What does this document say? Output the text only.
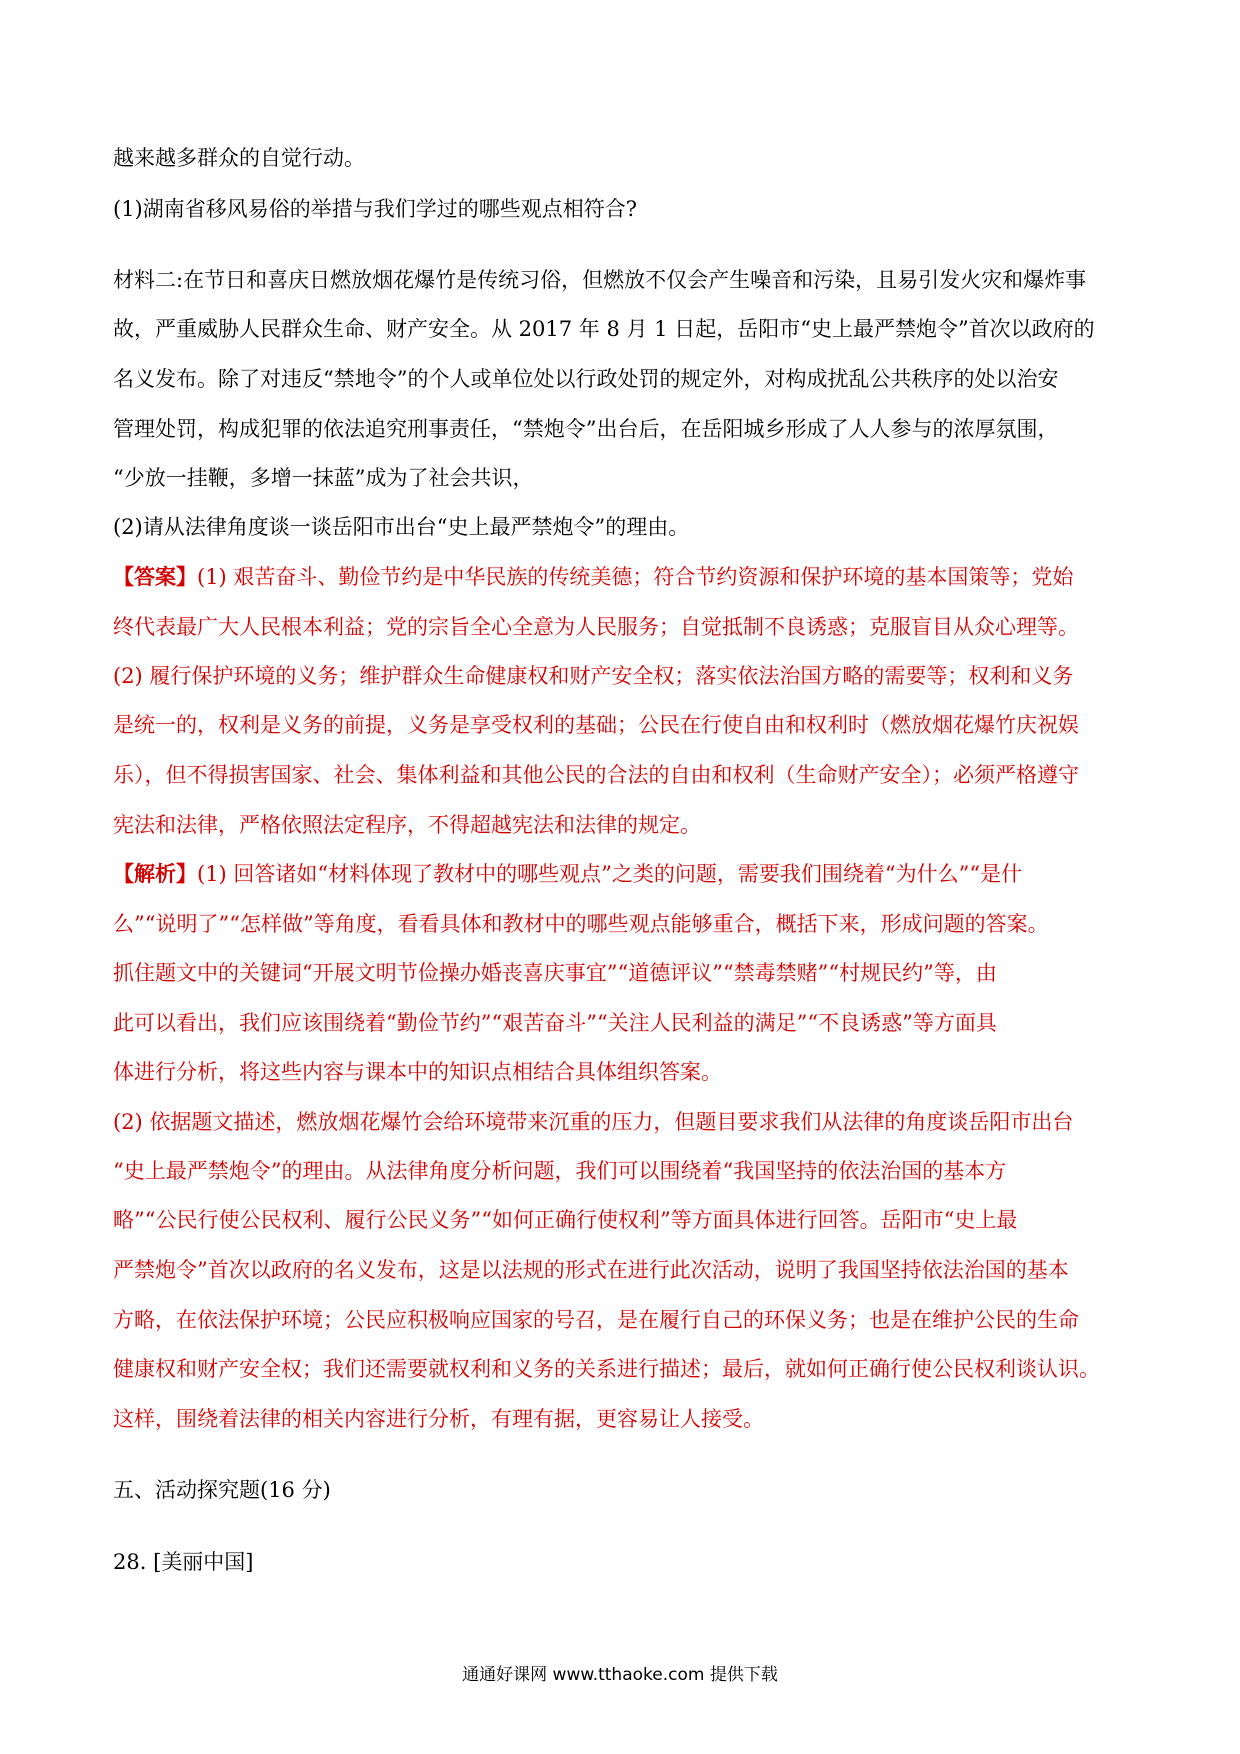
越来越多群众的自觉行动。

(1)湖南省移风易俗的举措与我们学过的哪些观点相符合?

材料二:在节日和喜庆日燃放烟花爆竹是传统习俗，但燃放不仅会产生噪音和污染，且易引发火灾和爆炸事

故，严重威胁人民群众生命、财产安全。从 2017 年 8 月 1 日起，岳阳市“史上最严禁炮令”首次以政府的

名义发布。除了对违反“禁地令”的个人或单位处以行政处罚的规定外，对构成扰乱公共秩序的处以治安

管理处罚，构成犯罪的依法追究刑事责任，“禁炮令”出台后，在岳阳城乡形成了人人参与的浓厚氛围，

“少放一挂鞭，多增一抹蓝”成为了社会共识，

(2)请从法律角度谈一谈岳阳市出台“史上最严禁炮令”的理由。

【答案】(1) 艰苦奋斗、勤俭节约是中华民族的传统美德；符合节约资源和保护环境的基本国策等；党始

终代表最广大人民根本利益；党的宗旨全心全意为人民服务；自觉抵制不良诱惑；克服盲目从众心理等。

(2) 履行保护环境的义务；维护群众生命健康权和财产安全权；落实依法治国方略的需要等；权利和义务

是统一的，权利是义务的前提，义务是享受权利的基础；公民在行使自由和权利时（燃放烟花爆竹庆祝娱

乐），但不得损害国家、社会、集体利益和其他公民的合法的自由和权利（生命财产安全）；必须严格遵守

宪法和法律，严格依照法定程序，不得超越宪法和法律的规定。

【解析】(1) 回答诸如“材料体现了教材中的哪些观点”之类的问题，需要我们围绕着“为什么”“是什

么”“说明了”“怎样做”等角度，看看具体和教材中的哪些观点能够重合，概括下来，形成问题的答案。

抓住题文中的关键词“开展文明节俭操办婚丧喜庆事宜”“道德评议”“禁毒禁赌”“村规民约”等，由

此可以看出，我们应该围绕着“勤俭节约”“艰苦奋斗”“关注人民利益的满足”“不良诱惑”等方面具

体进行分析，将这些内容与课本中的知识点相结合具体组织答案。

(2) 依据题文描述，燃放烟花爆竹会给环境带来沉重的压力，但题目要求我们从法律的角度谈岳阳市出台

“史上最严禁炮令”的理由。从法律角度分析问题，我们可以围绕着“我国坚持的依法治国的基本方

略”“公民行使公民权利、履行公民义务”“如何正确行使权利”等方面具体进行回答。岳阳市“史上最

严禁炮令”首次以政府的名义发布，这是以法规的形式在进行此次活动，说明了我国坚持依法治国的基本

方略，在依法保护环境；公民应积极响应国家的号召，是在履行自己的环保义务；也是在维护公民的生命

健康权和财产安全权；我们还需要就权利和义务的关系进行描述；最后，就如何正确行使公民权利谈认识。

这样，围绕着法律的相关内容进行分析，有理有据，更容易让人接受。

五、活动探究题(16 分)

28. [美丽中国]

通通好课网 www.tthaoke.com 提供下载
